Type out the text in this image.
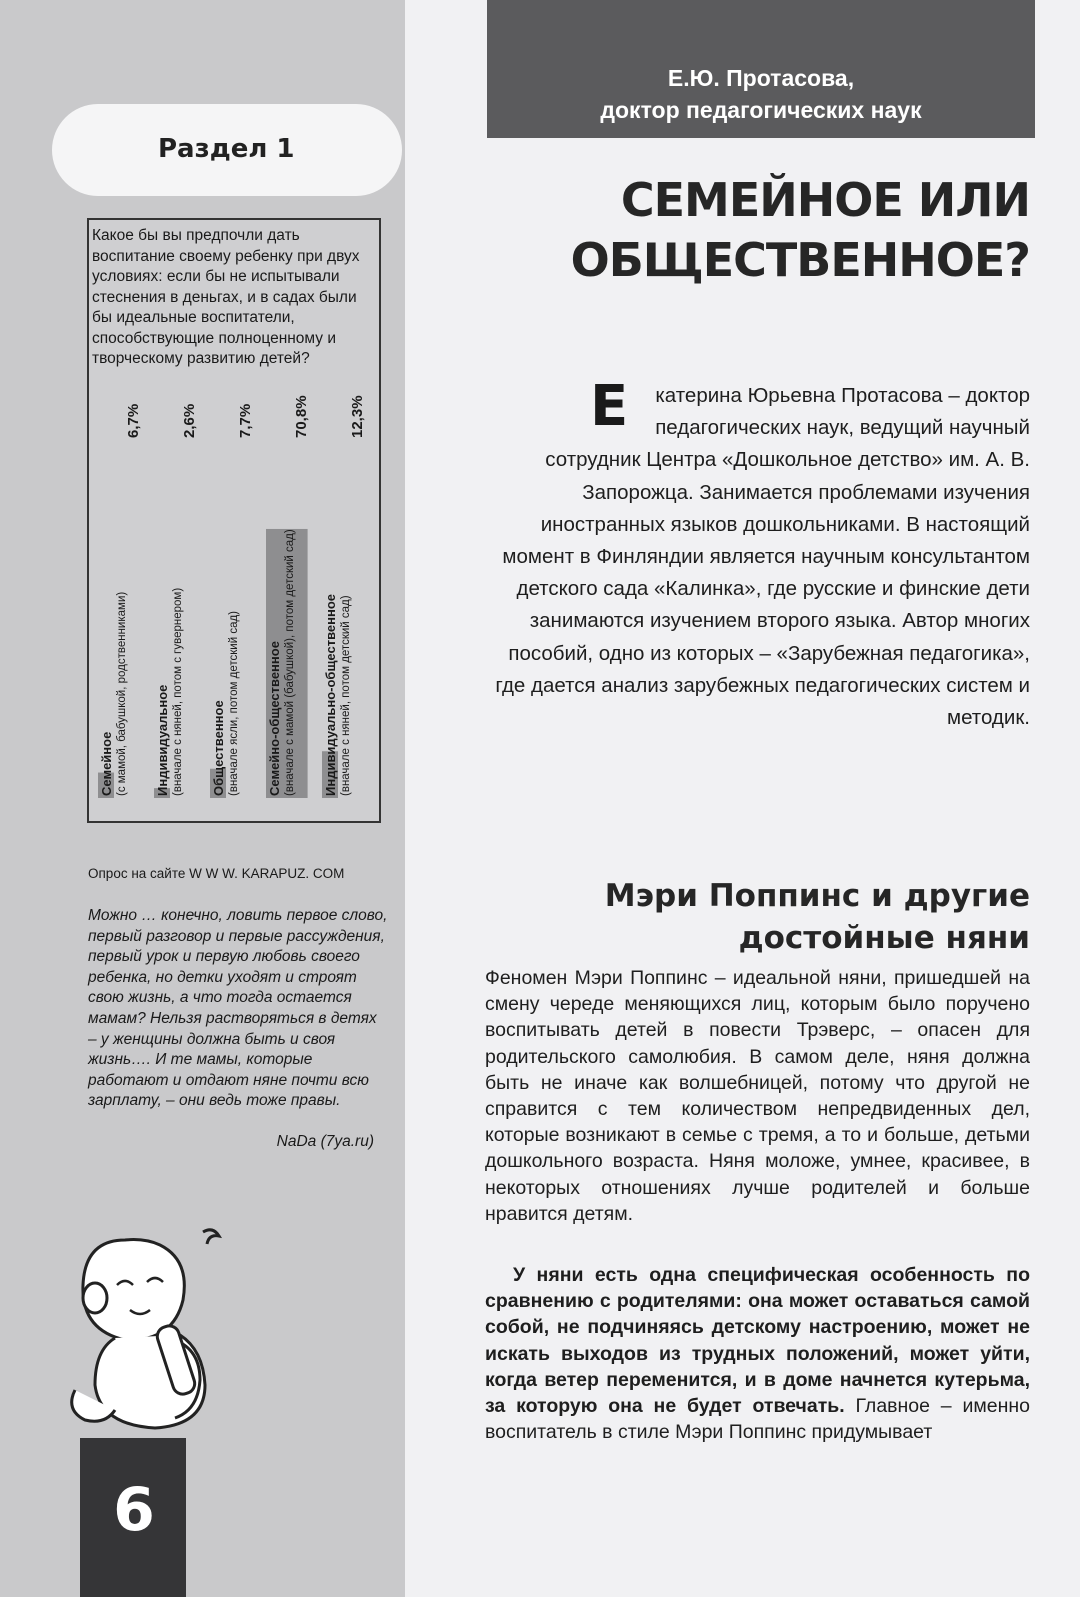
Е.Ю. Протасова,
доктор педагогических наук
Раздел 1
СЕМЕЙНОЕ ИЛИ
ОБЩЕСТВЕННОЕ?
Е катерина Юрьевна Протасова – доктор педагогических наук, ведущий научный сотрудник Центра «Дошкольное детство» им. А. В. Запорожца. Занимается проблемами изучения иностранных языков дошкольниками. В настоящий момент в Финляндии является научным консультантом детского сада «Калинка», где русские и финские дети занимаются изучением второго языка. Автор многих пособий, одно из которых – «Зарубежная педагогика», где дается анализ зарубежных педагогических систем и методик.
Какое бы вы предпочли дать воспитание своему ребенку при двух условиях: если бы не испытывали стеснения в деньгах, и в садах были бы идеальные воспитатели, способствующие полноценному и творческому развитию детей?
Семейное (с мамой, бабушкой, родственниками)
6,7%
Индивидуальное (вначале с няней, потом с гувернером)
2,6%
Общественное (вначале ясли, потом детский сад)
7,7%
Семейно-общественное (вначале с мамой (бабушкой), потом детский сад)
70,8%
Индивидуально-общественное (вначале с няней, потом детский сад)
12,3%
Опрос на сайте W W W. KARAPUZ. COM

Можно … конечно, ловить первое слово, первый разговор и первые рассуждения, первый урок и первую любовь своего ребенка, но детки уходят и строят свою жизнь, а что тогда остается мамам? Нельзя растворяться в детях – у женщины должна быть и своя жизнь…. И те мамы, которые работают и отдают няне почти всю зарплату, – они ведь тоже правы.

NaDa (7ya.ru)
6
Мэри Поппинс и другие
достойные няни

Феномен Мэри Поппинс – идеальной няни, пришедшей на смену череде меняющихся лиц, которым было поручено воспитывать детей в повести Трэверс, – опасен для родительского самолюбия. В самом деле, няня должна быть не иначе как волшебницей, потому что другой не справится с тем количеством непредвиденных дел, которые возникают в семье с тремя, а то и больше, детьми дошкольного возраста. Няня моложе, умнее, красивее, в некоторых отношениях лучше родителей и больше нравится детям.

У няни есть одна специфическая особенность по сравнению с родителями: она может оставаться самой собой, не подчиняясь детскому настроению, может не искать выходов из трудных положений, может уйти, когда ветер переменится, и в доме начнется кутерьма, за которую она не будет отвечать. Главное – именно воспитатель в стиле Мэри Поппинс придумывает
